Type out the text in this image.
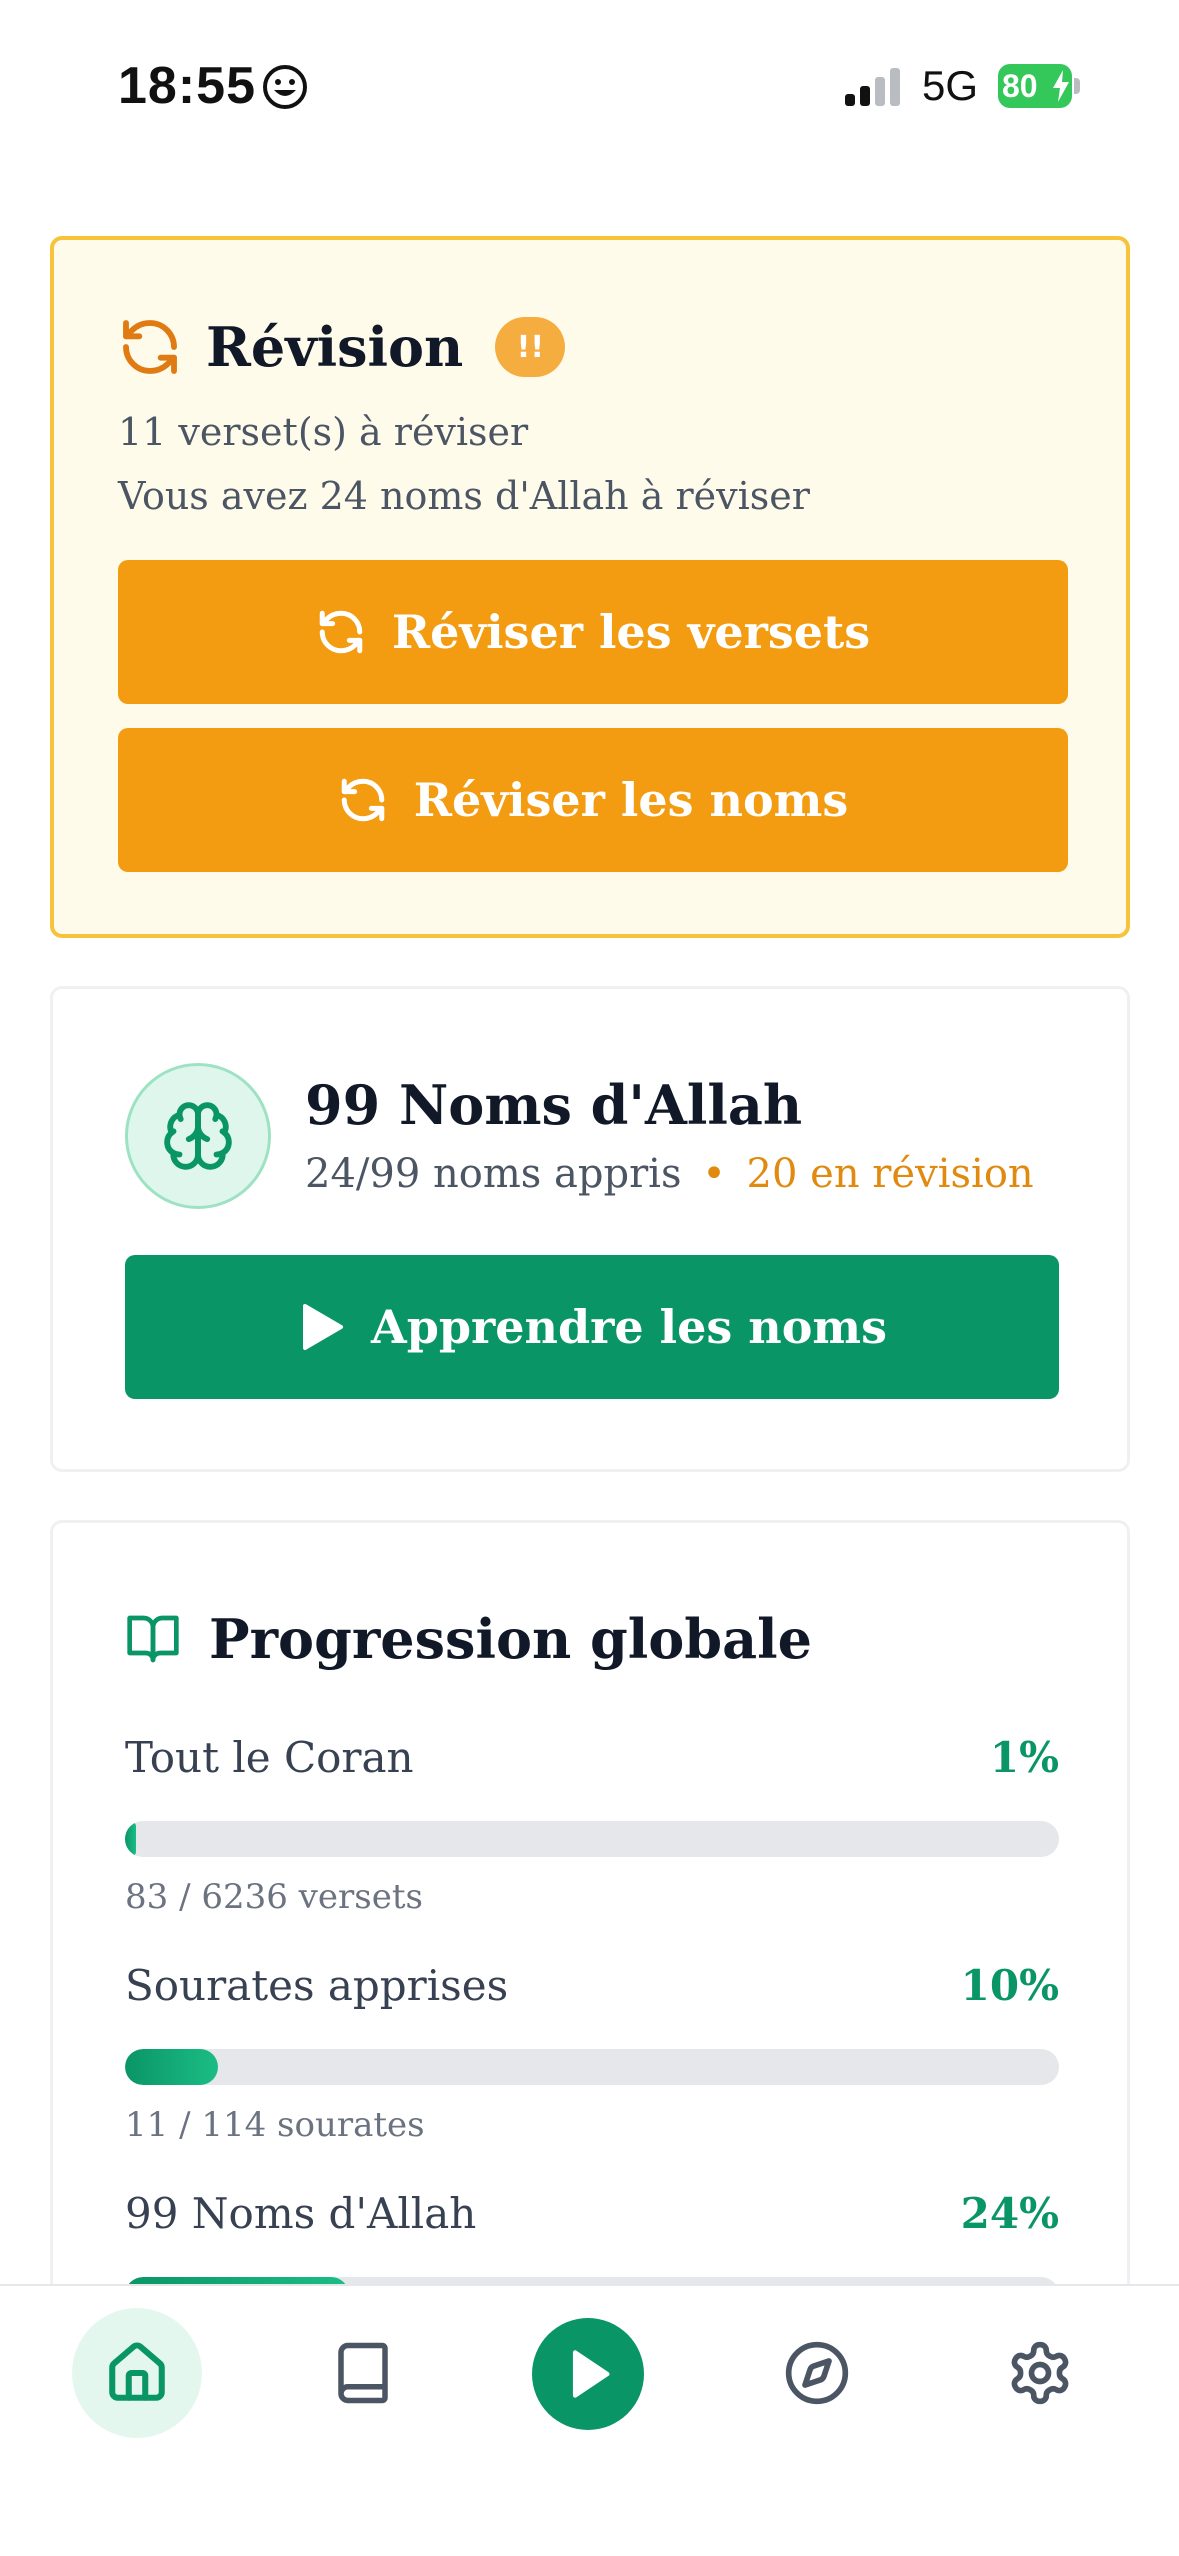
18:55	5G 80
Révision	!!
11 verset(s) à réviser
Vous avez 24 noms d'Allah à réviser
Réviser les versets
Réviser les noms
99 Noms d'Allah
24/99 noms appris • 20 en révision
Apprendre les noms
Progression globale
Tout le Coran	1%
83 / 6236 versets
Sourates apprises	10%
11 / 114 sourates
99 Noms d'Allah	24%
